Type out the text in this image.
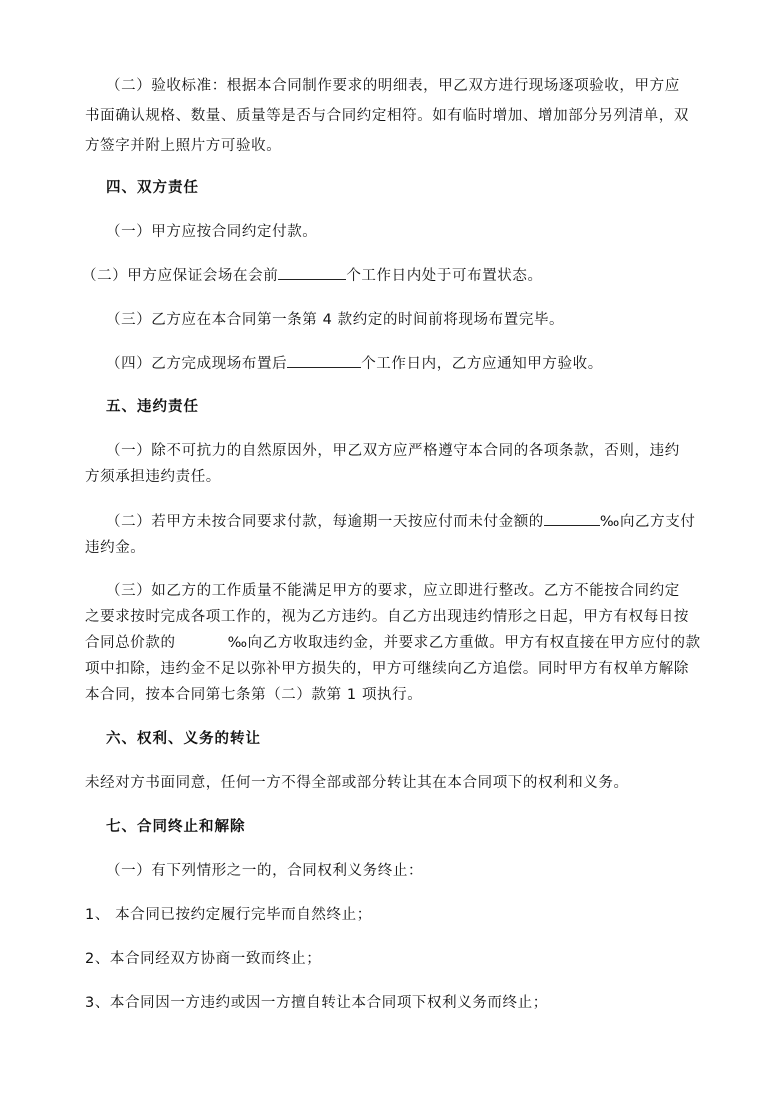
（二）验收标准：根据本合同制作要求的明细表，甲乙双方进行现场逐项验收，甲方应
书面确认规格、数量、质量等是否与合同约定相符。如有临时增加、增加部分另列清单，双
方签字并附上照片方可验收。
四、双方责任
（一）甲方应按合同约定付款。
（二）甲方应保证会场在会前	个工作日内处于可布置状态。
（三）乙方应在本合同第一条第 4 款约定的时间前将现场布置完毕。
（四）乙方完成现场布置后	个工作日内，乙方应通知甲方验收。
五、违约责任
（一）除不可抗力的自然原因外，甲乙双方应严格遵守本合同的各项条款，否则，违约
方须承担违约责任。
（二）若甲方未按合同要求付款，每逾期一天按应付而未付金额的	‰向乙方支付
违约金。
（三）如乙方的工作质量不能满足甲方的要求，应立即进行整改。乙方不能按合同约定
之要求按时完成各项工作的，视为乙方违约。自乙方出现违约情形之日起，甲方有权每日按
合同总价款的	‰向乙方收取违约金，并要求乙方重做。甲方有权直接在甲方应付的款
项中扣除，违约金不足以弥补甲方损失的，甲方可继续向乙方追偿。同时甲方有权单方解除
本合同，按本合同第七条第（二）款第 1 项执行。
六、权利、义务的转让
未经对方书面同意，任何一方不得全部或部分转让其在本合同项下的权利和义务。
七、合同终止和解除
（一）有下列情形之一的，合同权利义务终止：
1、 本合同已按约定履行完毕而自然终止；
2、本合同经双方协商一致而终止；
3、本合同因一方违约或因一方擅自转让本合同项下权利义务而终止；
